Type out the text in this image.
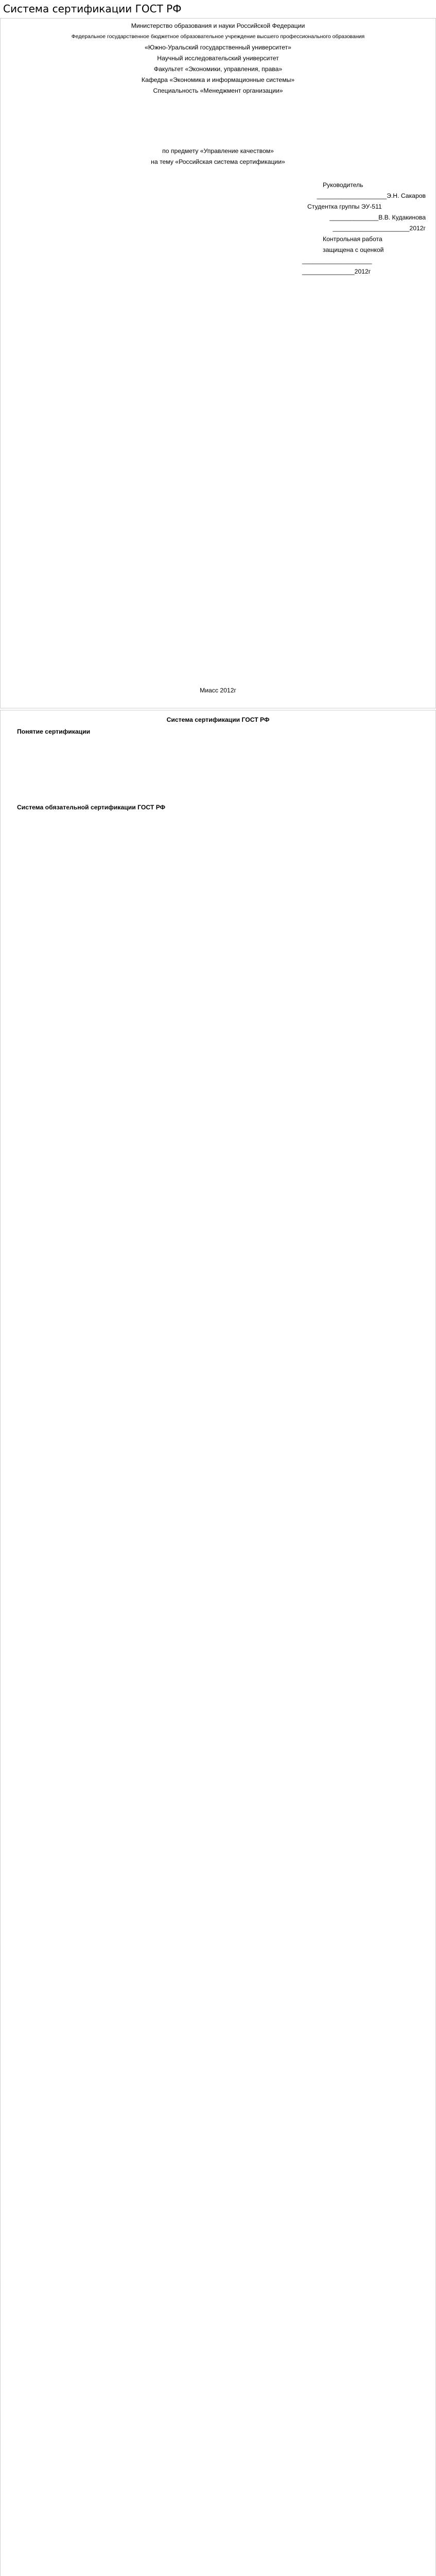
Система сертификации ГОСТ РФ

Министерство образования и науки Российской Федерации

Федеральное государственное бюджетное образовательное учреждение высшего профессионального образования

«Южно-Уральский государственный университет»

Научный исследовательский университет

Факультет «Экономики, управления, права»

Кафедра «Экономика и информационные системы»

Специальность «Менеджмент организации»

по предмету «Управление качеством»

на тему «Российская система сертификации»

Руководитель

____________________Э.Н. Сакаров

Студентка группы ЭУ-511

______________В.В. Кудакинова

______________________2012г

Контрольная работа

защищена с оценкой

____________________

_______________2012г

Миасс 2012г

Система сертификации ГОСТ РФ

Понятие сертификации

Система обязательной сертификации ГОСТ РФ
